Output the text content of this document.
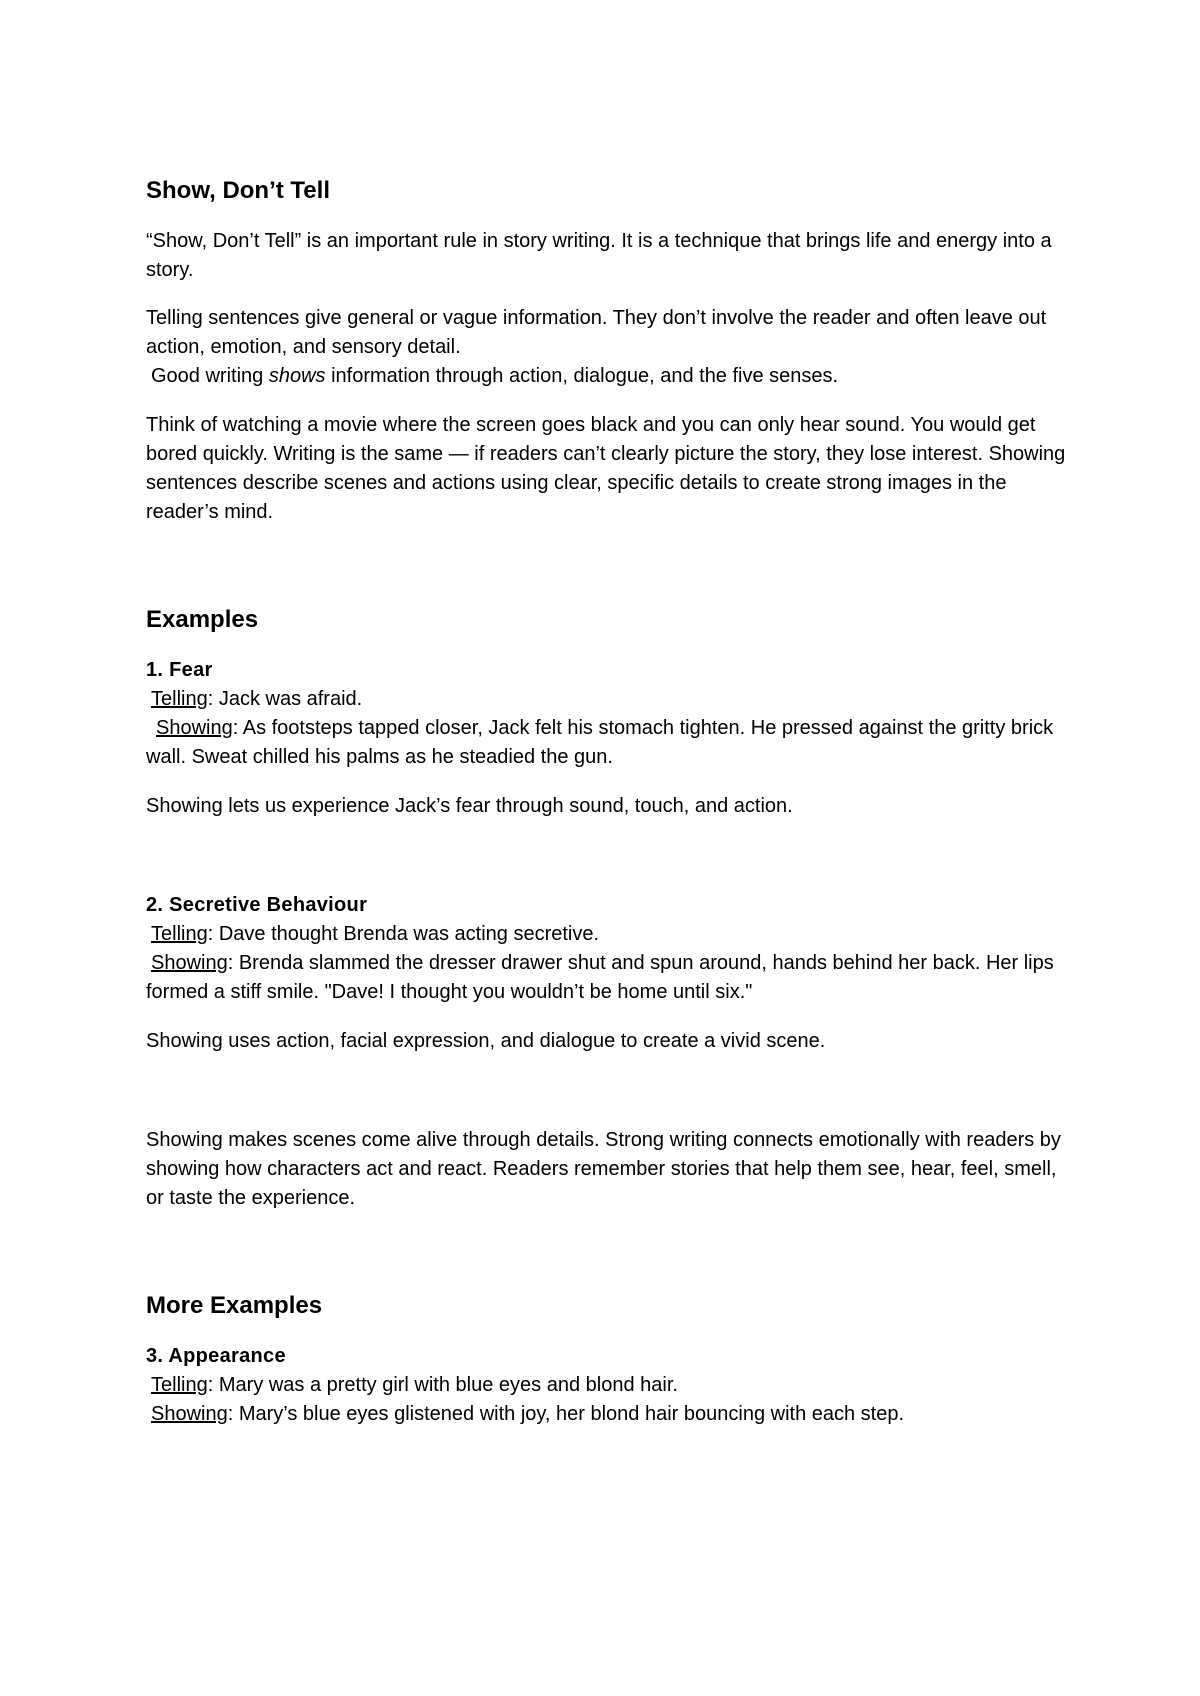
Show, Don’t Tell

“Show, Don’t Tell” is an important rule in story writing. It is a technique that brings life and energy into a story.

Telling sentences give general or vague information. They don’t involve the reader and often leave out action, emotion, and sensory detail.

Good writing shows information through action, dialogue, and the five senses.

Think of watching a movie where the screen goes black and you can only hear sound. You would get bored quickly. Writing is the same — if readers can’t clearly picture the story, they lose interest. Showing sentences describe scenes and actions using clear, specific details to create strong images in the reader’s mind.

Examples

1. Fear

Telling: Jack was afraid.

Showing: As footsteps tapped closer, Jack felt his stomach tighten. He pressed against the gritty brick wall. Sweat chilled his palms as he steadied the gun.

Showing lets us experience Jack’s fear through sound, touch, and action.

2. Secretive Behaviour

Telling: Dave thought Brenda was acting secretive.

Showing: Brenda slammed the dresser drawer shut and spun around, hands behind her back. Her lips formed a stiff smile. "Dave! I thought you wouldn’t be home until six."

Showing uses action, facial expression, and dialogue to create a vivid scene.

Showing makes scenes come alive through details. Strong writing connects emotionally with readers by showing how characters act and react. Readers remember stories that help them see, hear, feel, smell, or taste the experience.

More Examples

3. Appearance

Telling: Mary was a pretty girl with blue eyes and blond hair.

Showing: Mary’s blue eyes glistened with joy, her blond hair bouncing with each step.
